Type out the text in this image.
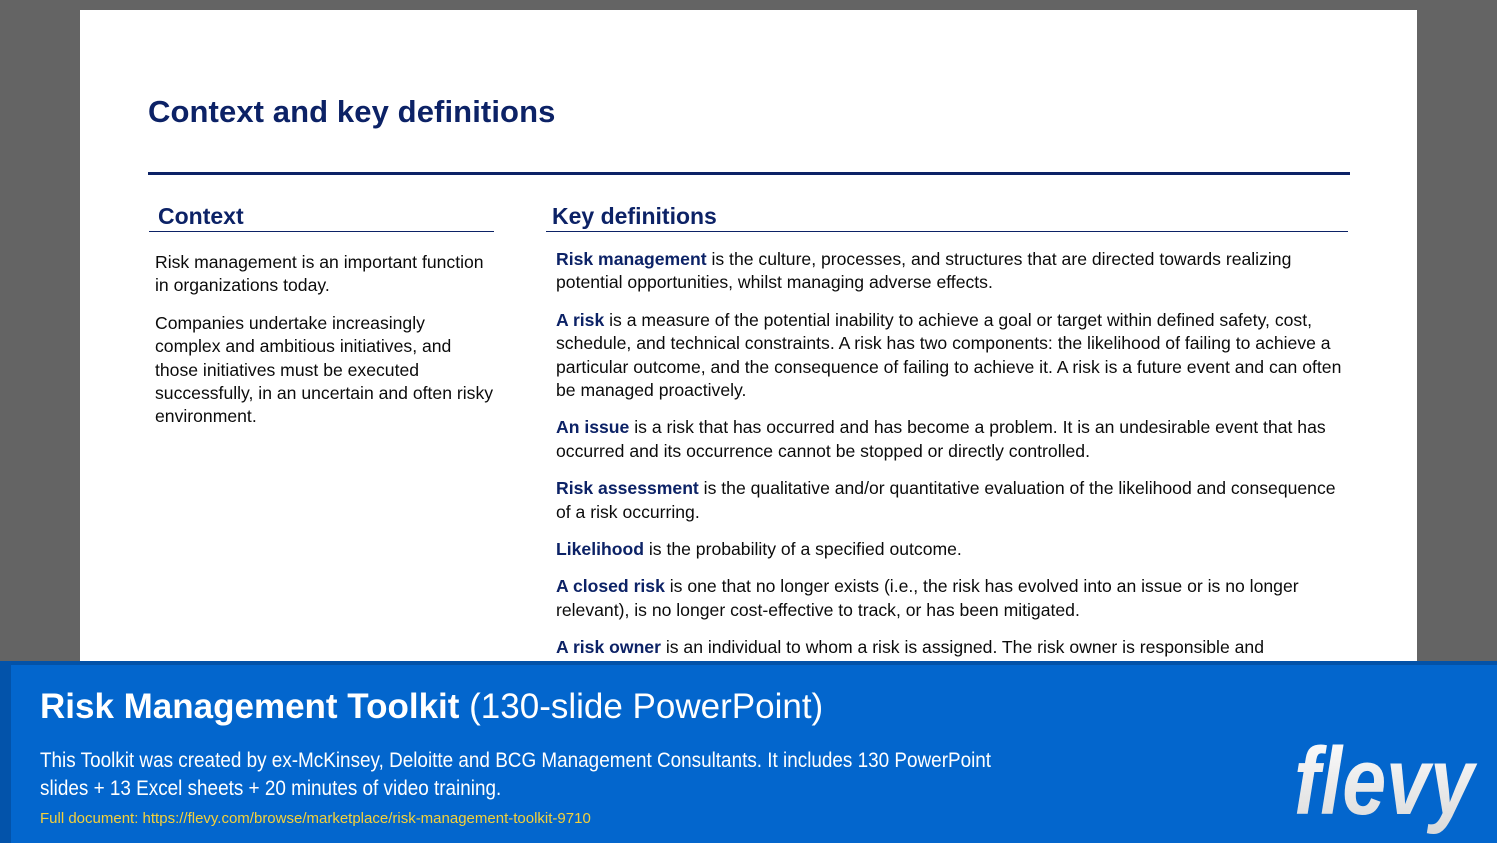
Context and key definitions
Context	Key definitions

Risk management is an important function in organizations today.

Companies undertake increasingly complex and ambitious initiatives, and those initiatives must be executed successfully, in an uncertain and often risky environment.

Risk management is the culture, processes, and structures that are directed towards realizing potential opportunities, whilst managing adverse effects.

A risk is a measure of the potential inability to achieve a goal or target within defined safety, cost, schedule, and technical constraints. A risk has two components: the likelihood of failing to achieve a particular outcome, and the consequence of failing to achieve it. A risk is a future event and can often be managed proactively.

An issue is a risk that has occurred and has become a problem. It is an undesirable event that has occurred and its occurrence cannot be stopped or directly controlled.

Risk assessment is the qualitative and/or quantitative evaluation of the likelihood and consequence of a risk occurring.

Likelihood is the probability of a specified outcome.

A closed risk is one that no longer exists (i.e., the risk has evolved into an issue or is no longer relevant), is no longer cost-effective to track, or has been mitigated.

A risk owner is an individual to whom a risk is assigned. The risk owner is responsible and

Risk Management Toolkit (130-slide PowerPoint)
This Toolkit was created by ex-McKinsey, Deloitte and BCG Management Consultants. It includes 130 PowerPoint slides + 13 Excel sheets + 20 minutes of video training.
Full document: https://flevy.com/browse/marketplace/risk-management-toolkit-9710	flevy
